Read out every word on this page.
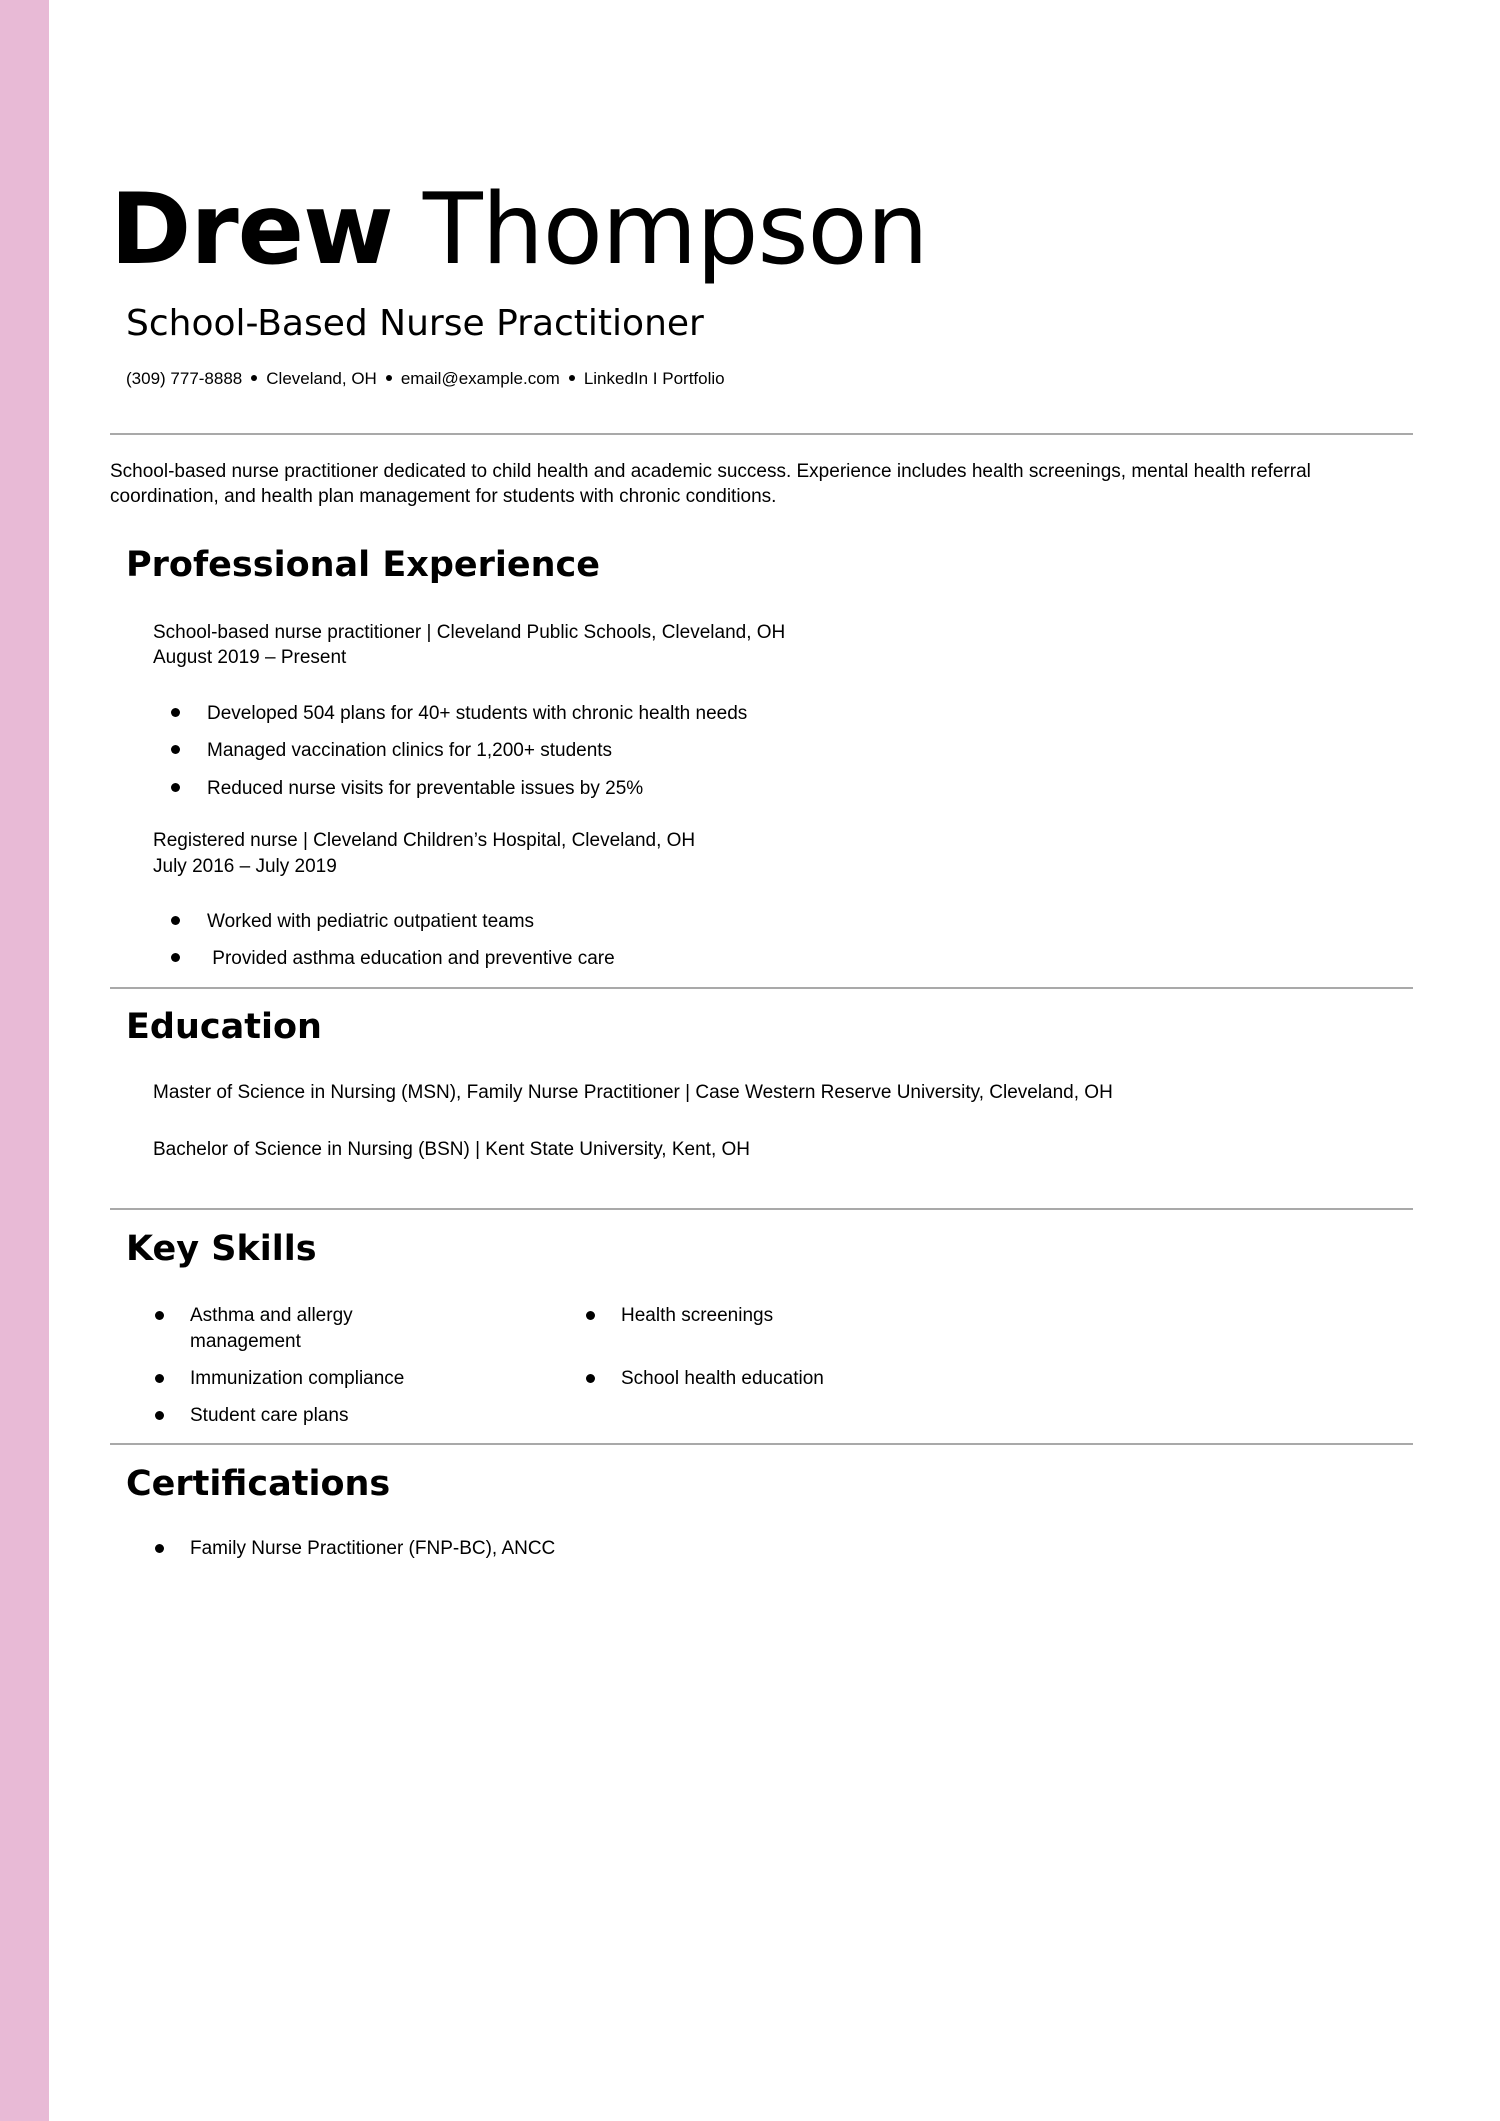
Drew Thompson
School-Based Nurse Practitioner
(309) 777-8888 Cleveland, OH email@example.com LinkedIn I Portfolio
School-based nurse practitioner dedicated to child health and academic success. Experience includes health screenings, mental health referral coordination, and health plan management for students with chronic conditions.
Professional Experience
School-based nurse practitioner | Cleveland Public Schools, Cleveland, OH
August 2019 – Present
Developed 504 plans for 40+ students with chronic health needs
Managed vaccination clinics for 1,200+ students
Reduced nurse visits for preventable issues by 25%
Registered nurse | Cleveland Children’s Hospital, Cleveland, OH
July 2016 – July 2019
Worked with pediatric outpatient teams
Provided asthma education and preventive care
Education
Master of Science in Nursing (MSN), Family Nurse Practitioner | Case Western Reserve University, Cleveland, OH
Bachelor of Science in Nursing (BSN) | Kent State University, Kent, OH
Key Skills
Asthma and allergy management
Health screenings
Immunization compliance	School health education
Student care plans
Certifications
Family Nurse Practitioner (FNP-BC), ANCC
